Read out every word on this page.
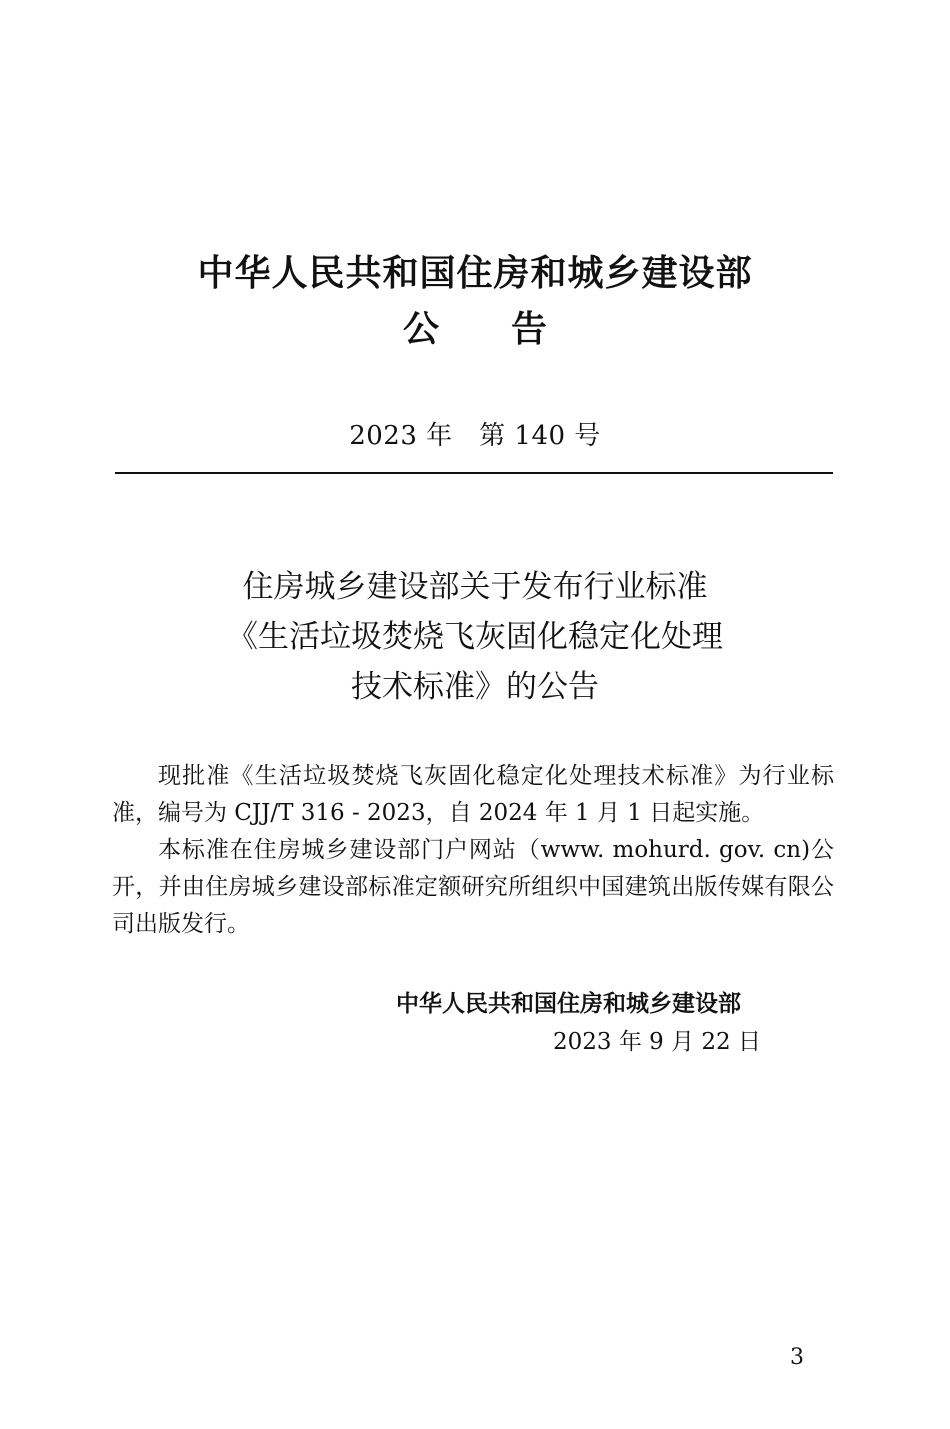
中华人民共和国住房和城乡建设部
公告
2023 年　第 140 号
住房城乡建设部关于发布行业标准
《生活垃圾焚烧飞灰固化稳定化处理
技术标准》的公告

现批准《生活垃圾焚烧飞灰固化稳定化处理技术标准》为行业标准，编号为 CJJ/T 316 - 2023，自 2024 年 1 月 1 日起实施。

本标准在住房城乡建设部门户网站（www. mohurd. gov. cn)公开，并由住房城乡建设部标准定额研究所组织中国建筑出版传媒有限公司出版发行。

中华人民共和国住房和城乡建设部
2023 年 9 月 22 日
3
